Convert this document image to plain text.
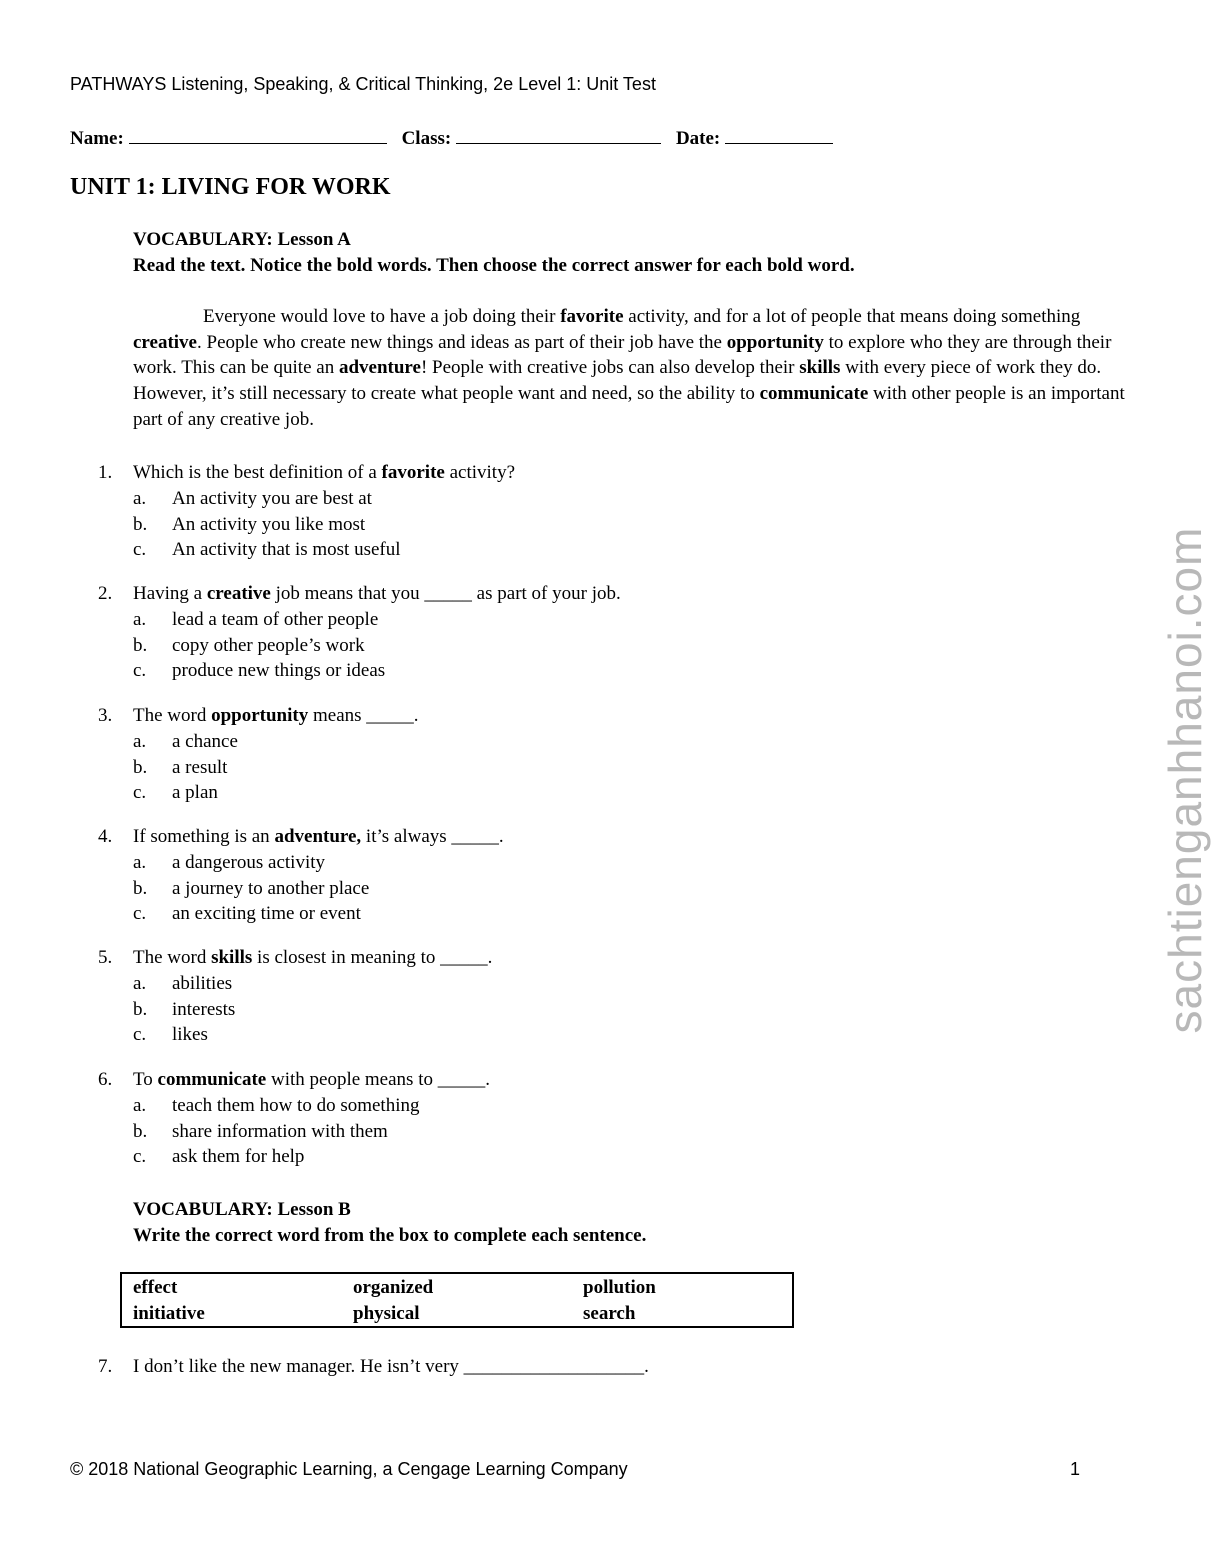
PATHWAYS Listening, Speaking, & Critical Thinking, 2e Level 1: Unit Test
Name:	Class:	Date:
UNIT 1: LIVING FOR WORK
VOCABULARY: Lesson A
Read the text. Notice the bold words. Then choose the correct answer for each bold word.

Everyone would love to have a job doing their favorite activity, and for a lot of people that means doing something creative. People who create new things and ideas as part of their job have the opportunity to explore who they are through their work. This can be quite an adventure! People with creative jobs can also develop their skills with every piece of work they do. However, it’s still necessary to create what people want and need, so the ability to communicate with other people is an important part of any creative job.

1. Which is the best definition of a favorite activity?
a. An activity you are best at
b. An activity you like most
c. An activity that is most useful
2. Having a creative job means that you _____ as part of your job.
a. lead a team of other people
b. copy other people’s work
c. produce new things or ideas
3. The word opportunity means _____.
a. a chance
b. a result
c. a plan
4. If something is an adventure, it’s always _____.
a. a dangerous activity
b. a journey to another place
c. an exciting time or event
5. The word skills is closest in meaning to _____.
a. abilities
b. interests
c. likes
6. To communicate with people means to _____.
a. teach them how to do something
b. share information with them
c. ask them for help
VOCABULARY: Lesson B
Write the correct word from the box to complete each sentence.
effect	organized	pollution
initiative	physical	search
7. I don’t like the new manager. He isn’t very ___________________.
© 2018 National Geographic Learning, a Cengage Learning Company	1
sachtienganhhanoi.com
